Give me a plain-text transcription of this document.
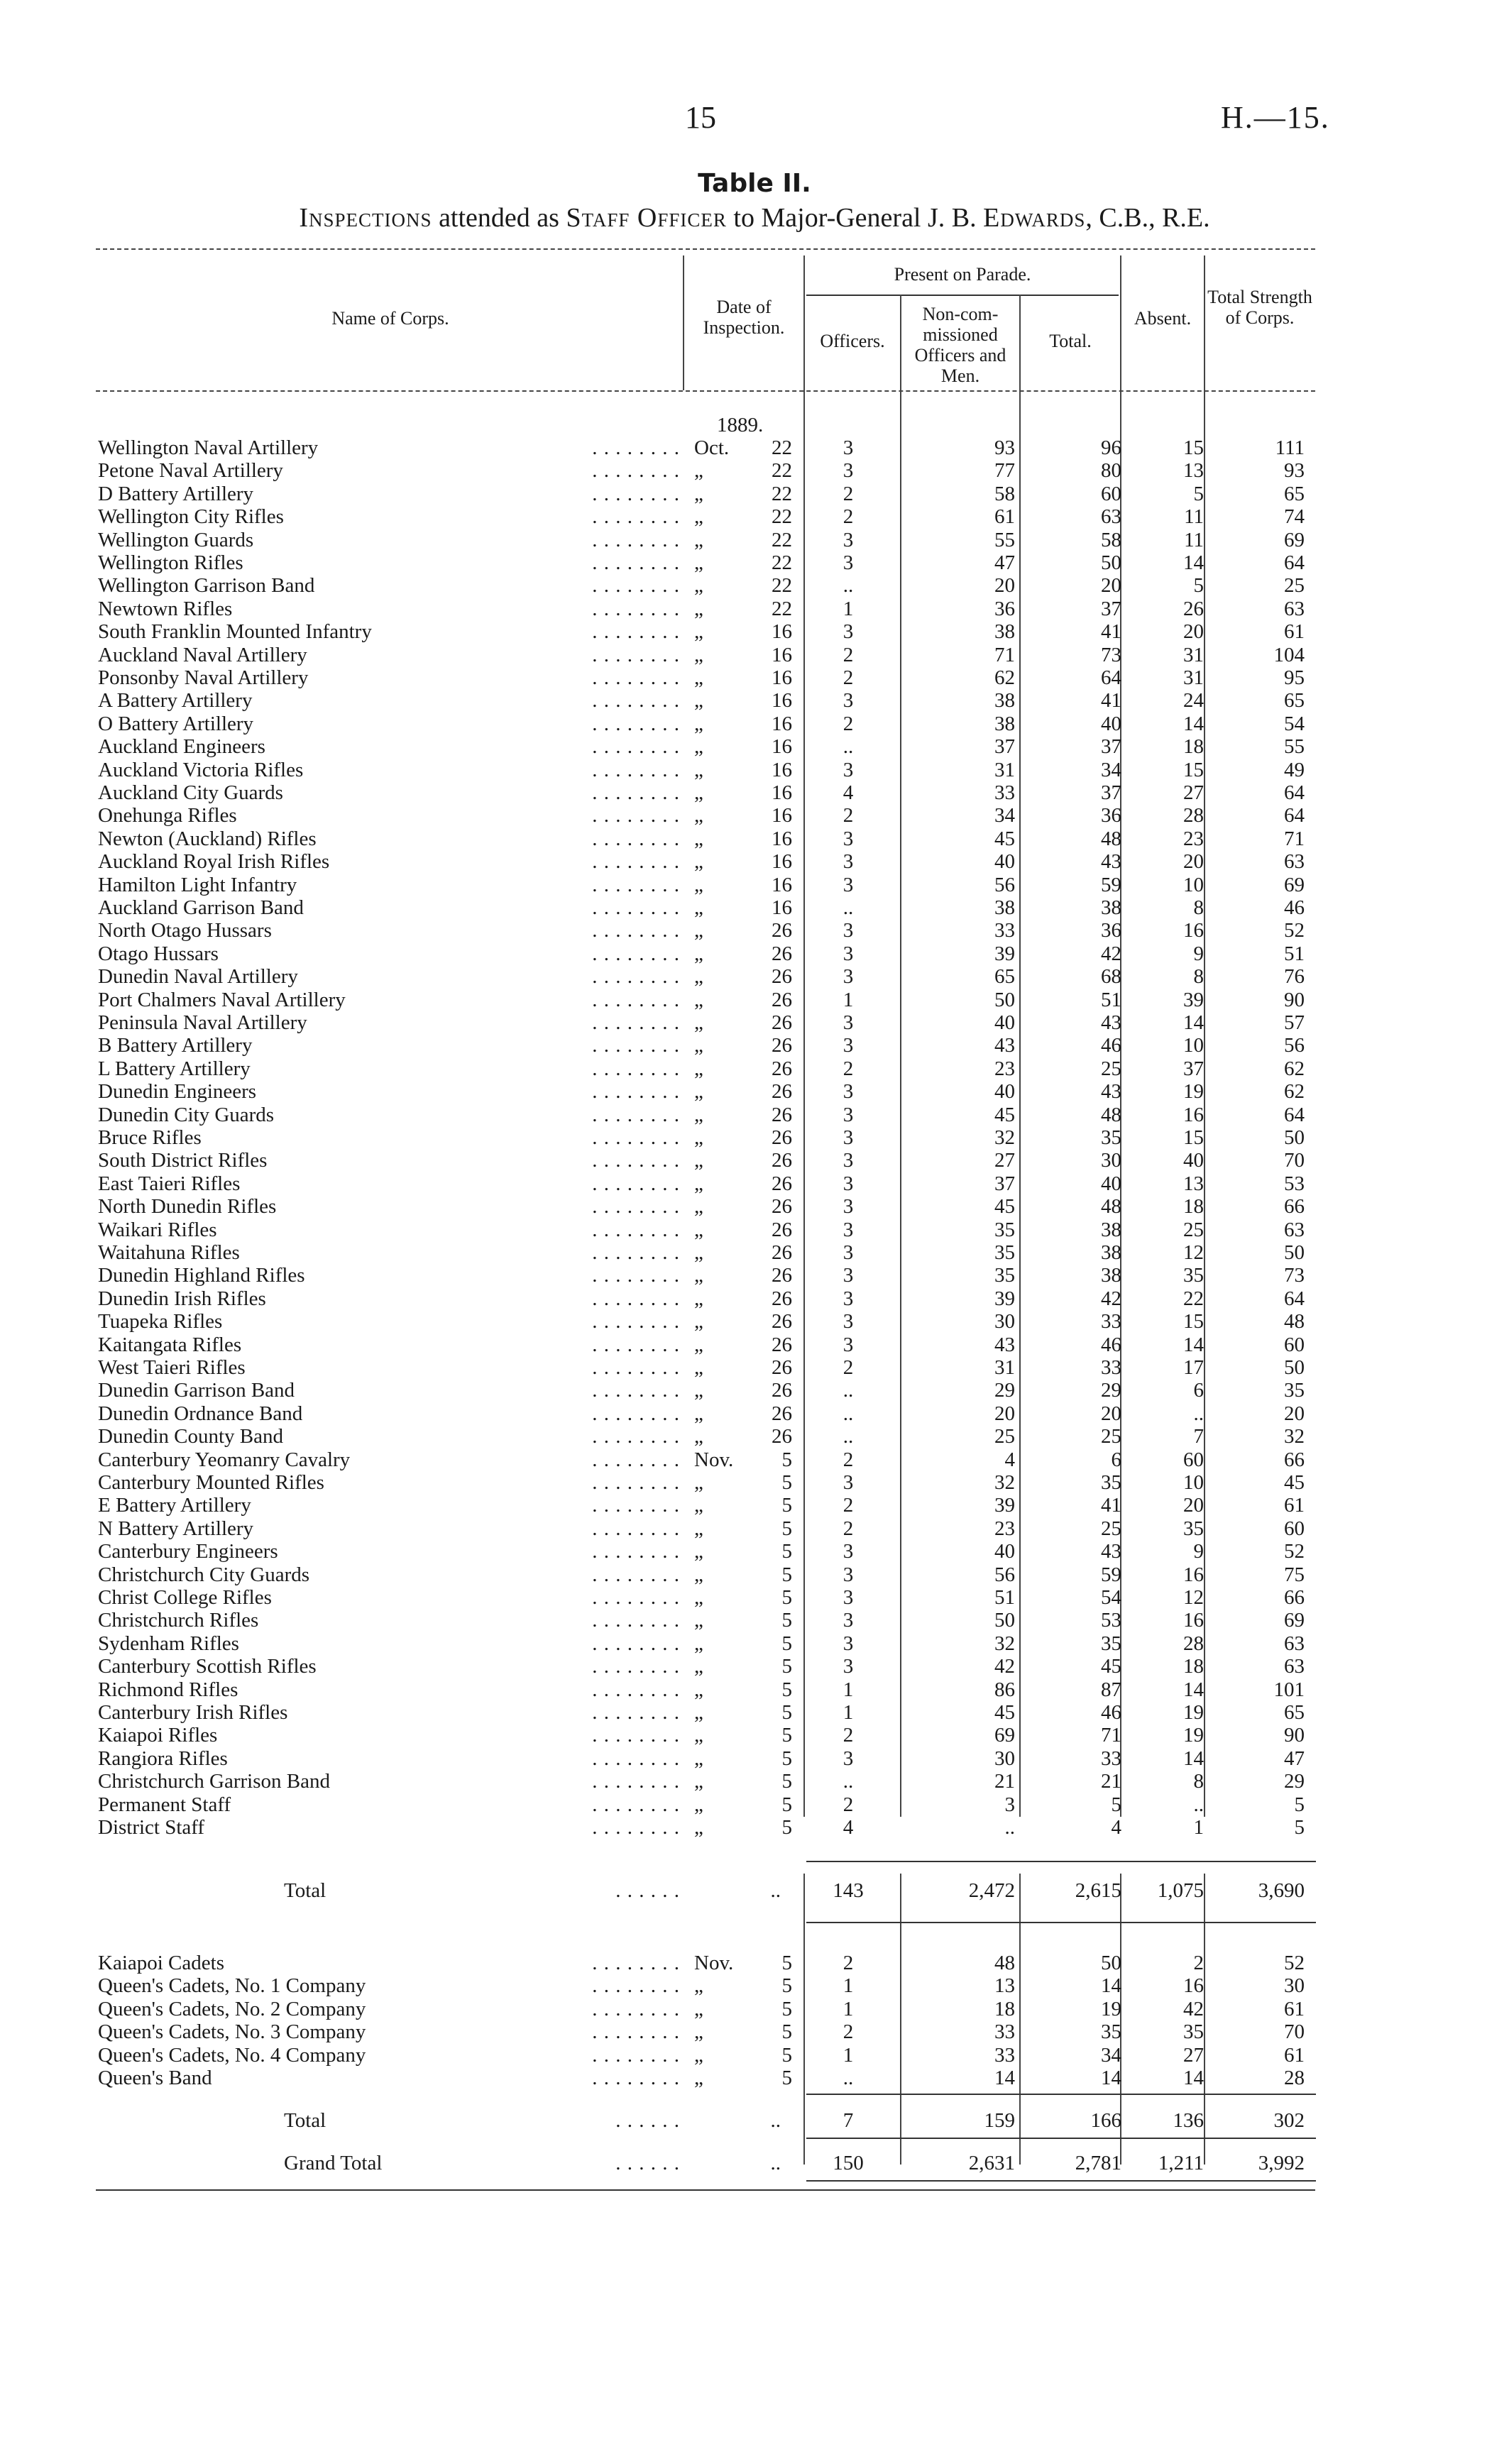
15	H.—15.
Table II.
Inspections attended as Staff Officer to Major-General J. B. Edwards, C.B., R.E.
Name of Corps.
Date of Inspection.
Present on Parade.
Officers.
Non-com-missioned Officers and Men.
Total.
Absent.
Total Strength of Corps.
1889.
. . . . . . . .
Wellington Naval Artillery	Oct.	22	3	93	96	15	111
. . . . . . . .
Petone Naval Artillery	„	22	3	77	80	13	93
. . . . . . . .
D Battery Artillery	„	22	2	58	60	5	65
. . . . . . . .
Wellington City Rifles	„	22	2	61	63	11	74
. . . . . . . .
Wellington Guards	„	22	3	55	58	11	69
. . . . . . . .
Wellington Rifles	„	22	3	47	50	14	64
. . . . . . . .
Wellington Garrison Band	„	22	..	20	20	5	25
. . . . . . . .
Newtown Rifles	„	22	1	36	37	26	63
. . . . . . . .
South Franklin Mounted Infantry	„	16	3	38	41	20	61
. . . . . . . .
Auckland Naval Artillery	„	16	2	71	73	31	104
. . . . . . . .
Ponsonby Naval Artillery	„	16	2	62	64	31	95
. . . . . . . .
A Battery Artillery	„	16	3	38	41	24	65
. . . . . . . .
O Battery Artillery	„	16	2	38	40	14	54
. . . . . . . .
Auckland Engineers	„	16	..	37	37	18	55
. . . . . . . .
Auckland Victoria Rifles	„	16	3	31	34	15	49
. . . . . . . .
Auckland City Guards	„	16	4	33	37	27	64
. . . . . . . .
Onehunga Rifles	„	16	2	34	36	28	64
. . . . . . . .
Newton (Auckland) Rifles	„	16	3	45	48	23	71
. . . . . . . .
Auckland Royal Irish Rifles	„	16	3	40	43	20	63
. . . . . . . .
Hamilton Light Infantry	„	16	3	56	59	10	69
. . . . . . . .
Auckland Garrison Band	„	16	..	38	38	8	46
. . . . . . . .
North Otago Hussars	„	26	3	33	36	16	52
. . . . . . . .
Otago Hussars	„	26	3	39	42	9	51
. . . . . . . .
Dunedin Naval Artillery	„	26	3	65	68	8	76
. . . . . . . .
Port Chalmers Naval Artillery	„	26	1	50	51	39	90
. . . . . . . .
Peninsula Naval Artillery	„	26	3	40	43	14	57
. . . . . . . .
B Battery Artillery	„	26	3	43	46	10	56
. . . . . . . .
L Battery Artillery	„	26	2	23	25	37	62
. . . . . . . .
Dunedin Engineers	„	26	3	40	43	19	62
. . . . . . . .
Dunedin City Guards	„	26	3	45	48	16	64
. . . . . . . .
Bruce Rifles	„	26	3	32	35	15	50
. . . . . . . .
South District Rifles	„	26	3	27	30	40	70
. . . . . . . .
East Taieri Rifles	„	26	3	37	40	13	53
. . . . . . . .
North Dunedin Rifles	„	26	3	45	48	18	66
. . . . . . . .
Waikari Rifles	„	26	3	35	38	25	63
. . . . . . . .
Waitahuna Rifles	„	26	3	35	38	12	50
. . . . . . . .
Dunedin Highland Rifles	„	26	3	35	38	35	73
. . . . . . . .
Dunedin Irish Rifles	„	26	3	39	42	22	64
. . . . . . . .
Tuapeka Rifles	„	26	3	30	33	15	48
. . . . . . . .
Kaitangata Rifles	„	26	3	43	46	14	60
. . . . . . . .
West Taieri Rifles	„	26	2	31	33	17	50
. . . . . . . .
Dunedin Garrison Band	„	26	..	29	29	6	35
. . . . . . . .
Dunedin Ordnance Band	„	26	..	20	20	..	20
. . . . . . . .
Dunedin County Band	„	26	..	25	25	7	32
. . . . . . . .
Canterbury Yeomanry Cavalry	Nov.	5	2	4	6	60	66
. . . . . . . .
Canterbury Mounted Rifles	„	5	3	32	35	10	45
. . . . . . . .
E Battery Artillery	„	5	2	39	41	20	61
. . . . . . . .
N Battery Artillery	„	5	2	23	25	35	60
. . . . . . . .
Canterbury Engineers	„	5	3	40	43	9	52
. . . . . . . .
Christchurch City Guards	„	5	3	56	59	16	75
. . . . . . . .
Christ College Rifles	„	5	3	51	54	12	66
. . . . . . . .
Christchurch Rifles	„	5	3	50	53	16	69
. . . . . . . .
Sydenham Rifles	„	5	3	32	35	28	63
. . . . . . . .
Canterbury Scottish Rifles	„	5	3	42	45	18	63
. . . . . . . .
Richmond Rifles	„	5	1	86	87	14	101
. . . . . . . .
Canterbury Irish Rifles	„	5	1	45	46	19	65
. . . . . . . .
Kaiapoi Rifles	„	5	2	69	71	19	90
. . . . . . . .
Rangiora Rifles	„	5	3	30	33	14	47
. . . . . . . .
Christchurch Garrison Band	„	5	..	21	21	8	29
. . . . . . . .
Permanent Staff	„	5	2	3	5	..	5
. . . . . . . .
District Staff	„	5	4	..	4	1	5
. . . . . .
Total	..	143	2,472	2,615	1,075	3,690
. . . . . . . .
Kaiapoi Cadets	Nov.	5	2	48	50	2	52
. . . . . . . .
Queen's Cadets, No. 1 Company	„	5	1	13	14	16	30
. . . . . . . .
Queen's Cadets, No. 2 Company	„	5	1	18	19	42	61
. . . . . . . .
Queen's Cadets, No. 3 Company	„	5	2	33	35	35	70
. . . . . . . .
Queen's Cadets, No. 4 Company	„	5	1	33	34	27	61
. . . . . . . .
Queen's Band	„	5	..	14	14	14	28
. . . . . .
Total	..	7	159	166	136	302
. . . . . .
Grand Total	..	150	2,631	2,781	1,211	3,992
